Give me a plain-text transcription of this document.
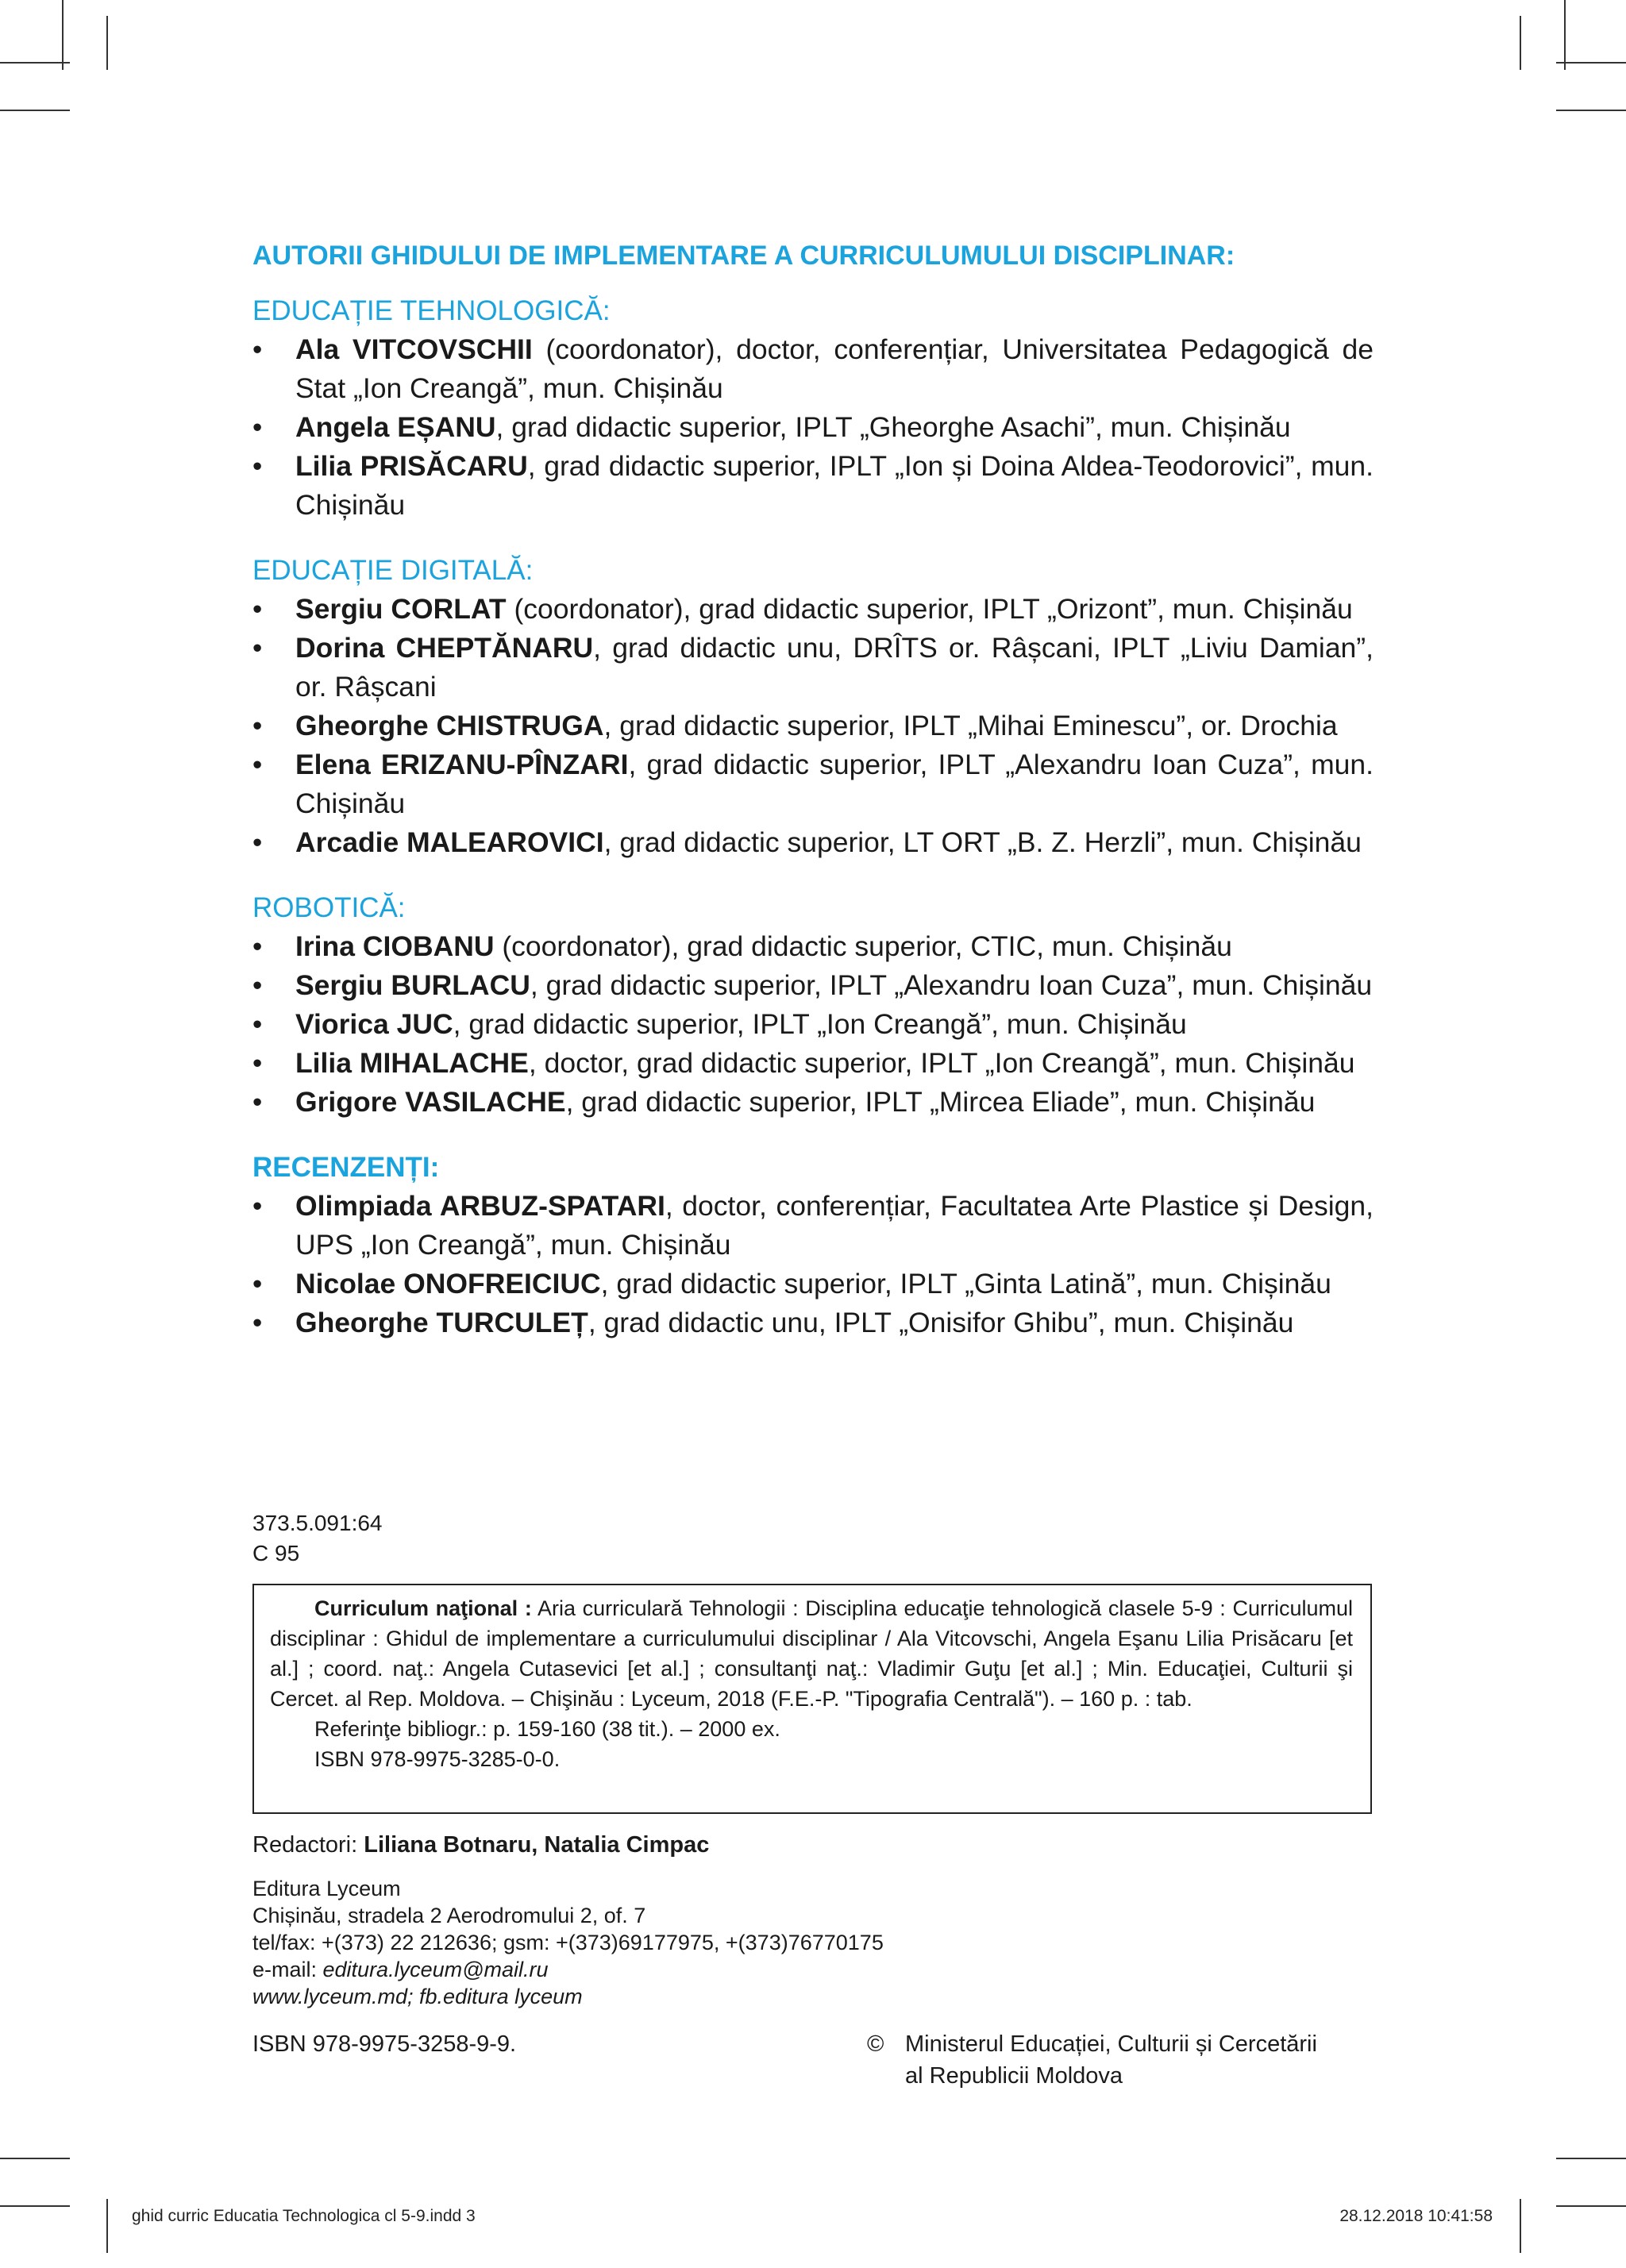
AUTORII GHIDULUI DE IMPLEMENTARE A CURRICULUMULUI DISCIPLINAR:
EDUCAȚIE TEHNOLOGICĂ:
•	Ala VITCOVSCHII (coordonator), doctor, conferențiar, Universitatea Pedagogică de Stat „Ion Creangă”, mun. Chișinău
•	Angela EȘANU, grad didactic superior, IPLT „Gheorghe Asachi”, mun. Chișinău
•	Lilia PRISĂCARU, grad didactic superior, IPLT „Ion și Doina Aldea-Teodorovici”, mun. Chișinău
EDUCAȚIE DIGITALĂ:
•	Sergiu CORLAT (coordonator), grad didactic superior, IPLT „Orizont”, mun. Chișinău
•	Dorina CHEPTĂNARU, grad didactic unu, DRÎTS or. Râșcani, IPLT „Liviu Damian”, or. Râșcani
•	Gheorghe CHISTRUGA, grad didactic superior, IPLT „Mihai Eminescu”, or. Drochia
•	Elena ERIZANU-PÎNZARI, grad didactic superior, IPLT „Alexandru Ioan Cuza”, mun. Chișinău
•	Arcadie MALEAROVICI, grad didactic superior, LT ORT „B. Z. Herzli”, mun. Chișinău
ROBOTICĂ:
•	Irina CIOBANU (coordonator), grad didactic superior, CTIC, mun. Chișinău
•	Sergiu BURLACU, grad didactic superior, IPLT „Alexandru Ioan Cuza”, mun. Chișinău
•	Viorica JUC, grad didactic superior, IPLT „Ion Creangă”, mun. Chișinău
•	Lilia MIHALACHE, doctor, grad didactic superior, IPLT „Ion Creangă”, mun. Chișinău
•	Grigore VASILACHE, grad didactic superior, IPLT „Mircea Eliade”, mun. Chișinău
RECENZENȚI:
•	Olimpiada ARBUZ-SPATARI, doctor, conferențiar, Facultatea Arte Plastice și Design, UPS „Ion Creangă”, mun. Chișinău
•	Nicolae ONOFREICIUC, grad didactic superior, IPLT „Ginta Latină”, mun. Chișinău
•	Gheorghe TURCULEȚ, grad didactic unu, IPLT „Onisifor Ghibu”, mun. Chișinău
373.5.091:64
C 95

Curriculum naţional : Aria curriculară Tehnologii : Disciplina educaţie tehnologică clasele 5-9 : Curriculumul disciplinar : Ghidul de implementare a curriculumului disciplinar / Ala Vitcovschi, Angela Eşanu Lilia Prisăcaru [et al.] ; coord. naţ.: Angela Cutasevici [et al.] ; consultanţi naţ.: Vladimir Guţu [et al.] ; Min. Educaţiei, Culturii şi Cercet. al Rep. Moldova. – Chişinău : Lyceum, 2018 (F.E.-P. "Tipografia Centrală"). – 160 p. : tab.

Referinţe bibliogr.: p. 159-160 (38 tit.). – 2000 ex.

ISBN 978-9975-3285-0-0.

Redactori: Liliana Botnaru, Natalia Cimpac
Editura Lyceum
Chișinău, stradela 2 Aerodromului 2, of. 7
tel/fax: +(373) 22 212636; gsm: +(373)69177975, +(373)76770175
e-mail: editura.lyceum@mail.ru
www.lyceum.md; fb.editura lyceum
ISBN 978-9975-3258-9-9.	© Ministerul Educației, Culturii și Cercetării
al Republicii Moldova
ghid curric Educatia Technologica cl 5-9.indd 3	28.12.2018 10:41:58
